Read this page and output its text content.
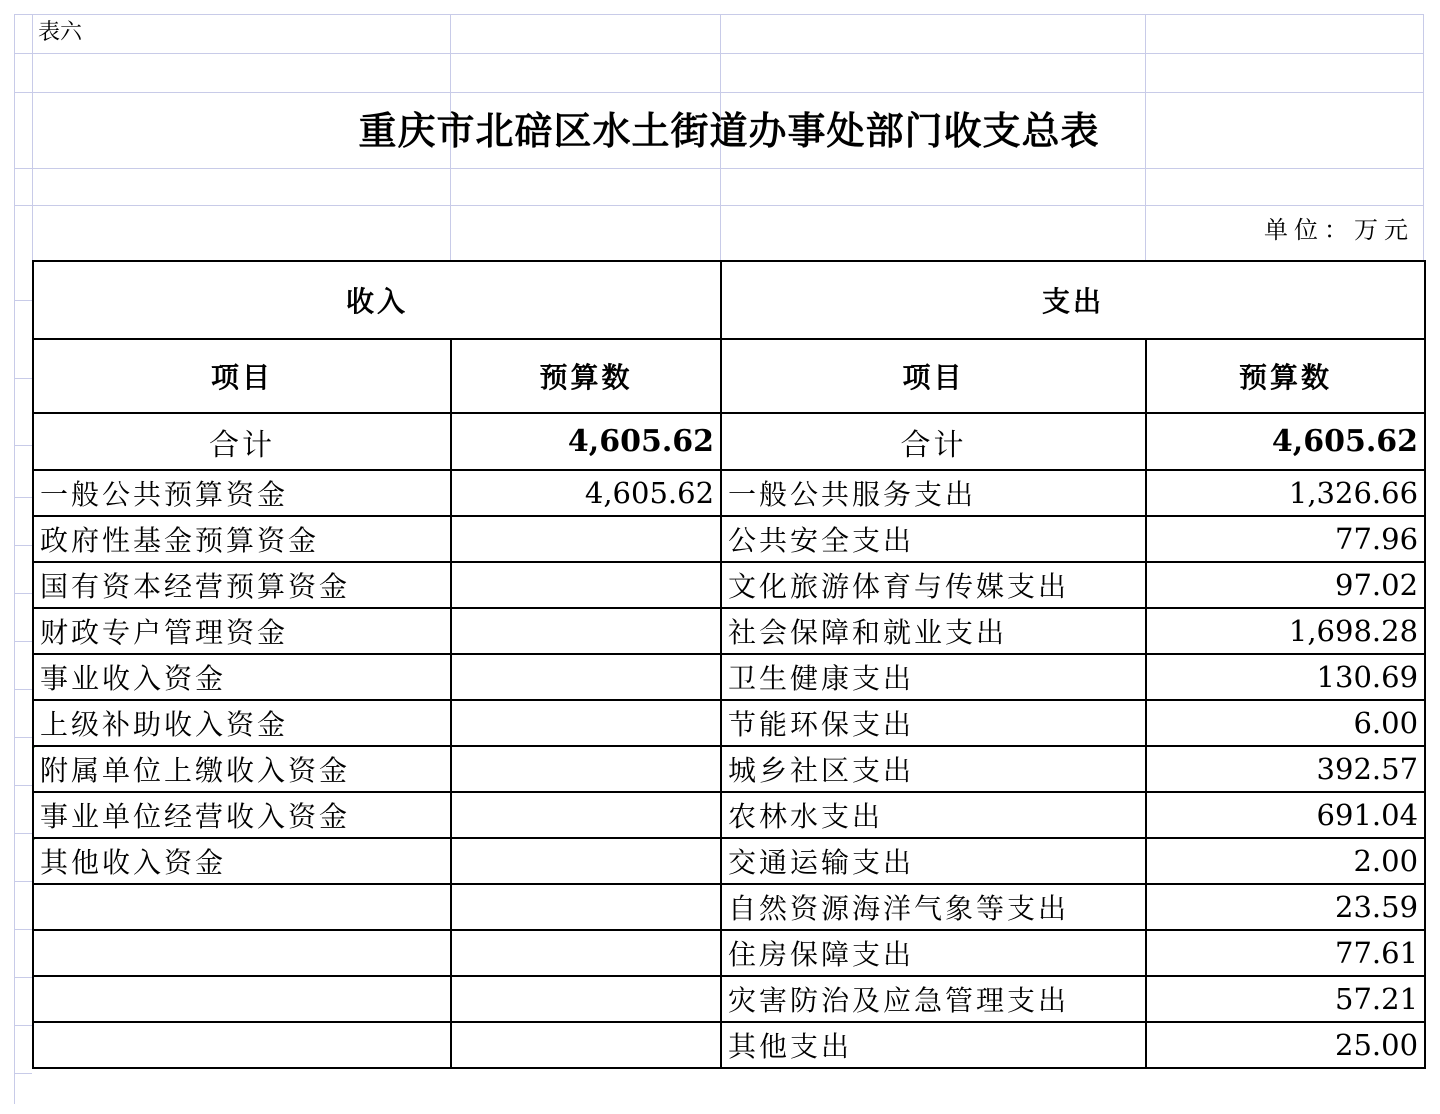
表六
重庆市北碚区水土街道办事处部门收支总表
单位：万元
收入		支出	
项目	预算数	项目	预算数
合计	4,605.62	合计	4,605.62
一般公共预算资金	4,605.62	一般公共服务支出	1,326.66
政府性基金预算资金		公共安全支出	77.96
国有资本经营预算资金		文化旅游体育与传媒支出	97.02
财政专户管理资金		社会保障和就业支出	1,698.28
事业收入资金		卫生健康支出	130.69
上级补助收入资金		节能环保支出	6.00
附属单位上缴收入资金		城乡社区支出	392.57
事业单位经营收入资金		农林水支出	691.04
其他收入资金		交通运输支出	2.00
		自然资源海洋气象等支出	23.59
		住房保障支出	77.61
		灾害防治及应急管理支出	57.21
		其他支出	25.00
